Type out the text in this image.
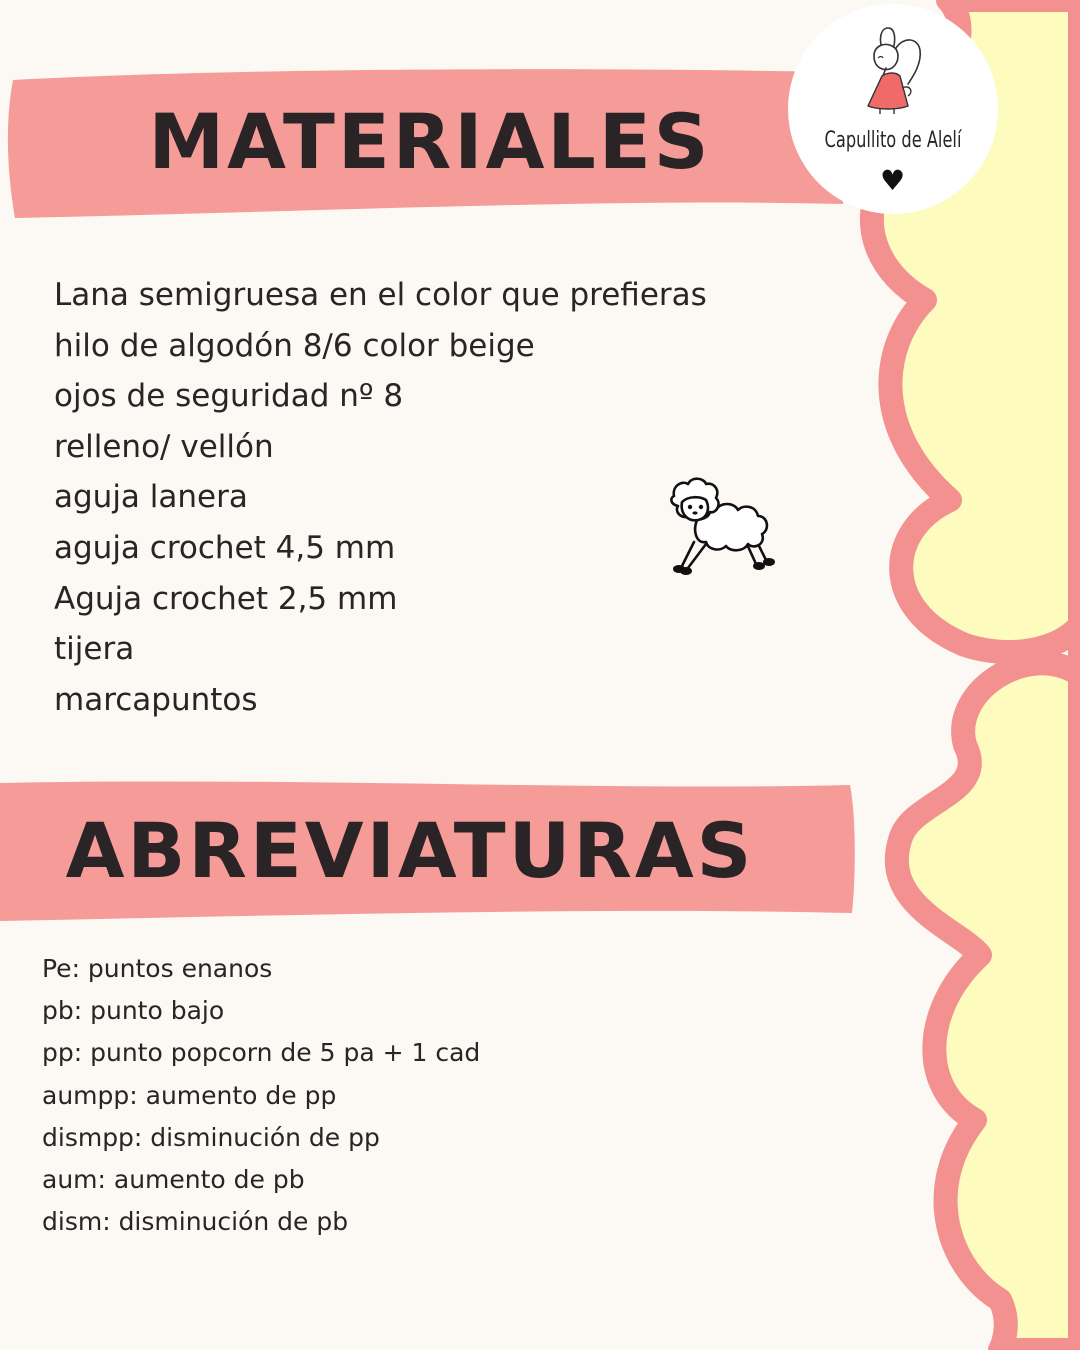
MATERIALES
Lana semigruesa en el color que prefieras
hilo de algodón 8/6 color beige
ojos de seguridad nº 8
relleno/ vellón
aguja lanera
aguja crochet 4,5 mm
Aguja crochet 2,5 mm
tijera
marcapuntos
ABREVIATURAS
Pe: puntos enanos
pb: punto bajo
pp: punto popcorn de 5 pa + 1 cad
aumpp: aumento de pp
dismpp: disminución de pp
aum: aumento de pb
dism: disminución de pb
Capullito de Alelí
♥
